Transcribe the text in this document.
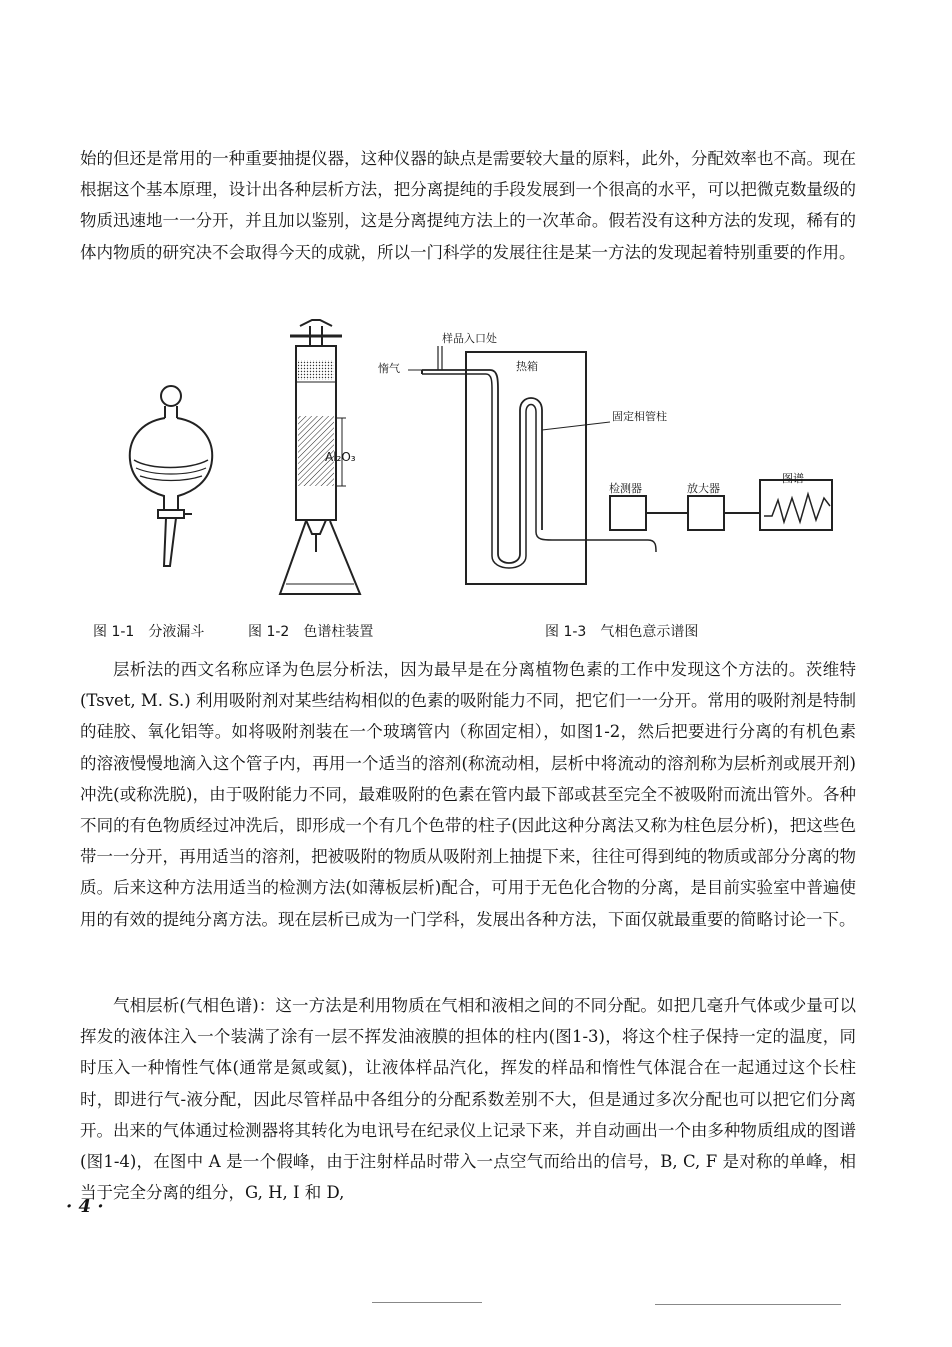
始的但还是常用的一种重要抽提仪器，这种仪器的缺点是需要较大量的原料，此外，分配效率也不高。现在根据这个基本原理，设计出各种层析方法，把分离提纯的手段发展到一个很高的水平，可以把微克数量级的物质迅速地一一分开，并且加以鉴别，这是分离提纯方法上的一次革命。假若没有这种方法的发现，稀有的体内物质的研究决不会取得今天的成就，所以一门科学的发展往往是某一方法的发现起着特别重要的作用。

Al₂O₃
样品入口处
惰气	热箱
固定相管柱
检测器	放大器
图谱
图 1-1　分液漏斗	图 1-2　色谱柱装置	图 1-3　气相色意示谱图

层析法的西文名称应译为色层分析法，因为最早是在分离植物色素的工作中发现这个方法的。茨维特(Tsvet, M. S.) 利用吸附剂对某些结构相似的色素的吸附能力不同，把它们一一分开。常用的吸附剂是特制的硅胶、氧化铝等。如将吸附剂装在一个玻璃管内（称固定相），如图1-2，然后把要进行分离的有机色素的溶液慢慢地滴入这个管子内，再用一个适当的溶剂(称流动相，层析中将流动的溶剂称为层析剂或展开剂)冲洗(或称洗脱)，由于吸附能力不同，最难吸附的色素在管内最下部或甚至完全不被吸附而流出管外。各种不同的有色物质经过冲洗后，即形成一个有几个色带的柱子(因此这种分离法又称为柱色层分析)，把这些色带一一分开，再用适当的溶剂，把被吸附的物质从吸附剂上抽提下来，往往可得到纯的物质或部分分离的物质。后来这种方法用适当的检测方法(如薄板层析)配合，可用于无色化合物的分离，是目前实验室中普遍使用的有效的提纯分离方法。现在层析已成为一门学科，发展出各种方法，下面仅就最重要的简略讨论一下。

气相层析(气相色谱)：这一方法是利用物质在气相和液相之间的不同分配。如把几毫升气体或少量可以挥发的液体注入一个装满了涂有一层不挥发油液膜的担体的柱内(图1-3)，将这个柱子保持一定的温度，同时压入一种惰性气体(通常是氮或氦)，让液体样品汽化，挥发的样品和惰性气体混合在一起通过这个长柱时，即进行气-液分配，因此尽管样品中各组分的分配系数差别不大，但是通过多次分配也可以把它们分离开。出来的气体通过检测器将其转化为电讯号在纪录仪上记录下来，并自动画出一个由多种物质组成的图谱(图1-4)，在图中 A 是一个假峰，由于注射样品时带入一点空气而给出的信号，B, C, F 是对称的单峰，相当于完全分离的组分，G, H, I 和 D,

· 4 ·
